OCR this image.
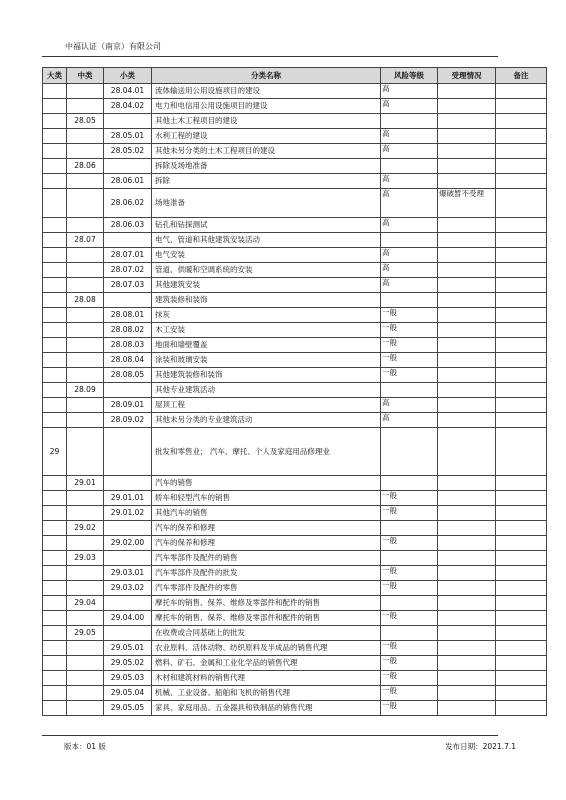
中福认证（南京）有限公司
大类	中类	小类	分类名称	风险等级	受理情况	备注
		28.04.01	流体输送用公用设施项目的建设	高		
		28.04.02	电力和电信用公用设施项目的建设	高		
	28.05		其他土木工程项目的建设			
		28.05.01	水利工程的建设	高		
		28.05.02	其他未另分类的土木工程项目的建设	高		
	28.06		拆除及场地准备			
		28.06.01	拆除	高		
		28.06.02	场地准备	高	爆破暂不受理	
		28.06.03	钻孔和钻探测试	高		
	28.07		电气、管道和其他建筑安装活动			
		28.07.01	电气安装	高		
		28.07.02	管道、供暖和空调系统的安装	高		
		28.07.03	其他建筑安装	高		
	28.08		建筑装修和装饰			
		28.08.01	抹灰	一般		
		28.08.02	木工安装	一般		
		28.08.03	地面和墙壁覆盖	一般		
		28.08.04	涂装和玻璃安装	一般		
		28.08.05	其他建筑装修和装饰	一般		
	28.09		其他专业建筑活动			
		28.09.01	屋顶工程	高		
		28.09.02	其他未另分类的专业建筑活动	高		
29			批发和零售业； 汽车、摩托、个人及家庭用品修理业			
	29.01		汽车的销售			
		29.01.01	轿车和轻型汽车的销售	一般		
		29.01.02	其他汽车的销售	一般		
	29.02		汽车的保养和修理			
		29.02.00	汽车的保养和修理	一般		
	29.03		汽车零部件及配件的销售			
		29.03.01	汽车零部件及配件的批发	一般		
		29.03.02	汽车零部件及配件的零售	一般		
	29.04		摩托车的销售、保养、维修及零部件和配件的销售			
		29.04.00	摩托车的销售、保养、维修及零部件和配件的销售	一般		
	29.05		在收费或合同基础上的批发			
		29.05.01	农业原料、活体动物、纺织原料及半成品的销售代理	一般		
		29.05.02	燃料、矿石、金属和工业化学品的销售代理	一般		
		29.05.03	木材和建筑材料的销售代理	一般		
		29.05.04	机械、工业设备、船舶和飞机的销售代理	一般		
		29.05.05	家具、家庭用品、五金器具和铁制品的销售代理	一般		
版本：01 版	发布日期：2021.7.1
